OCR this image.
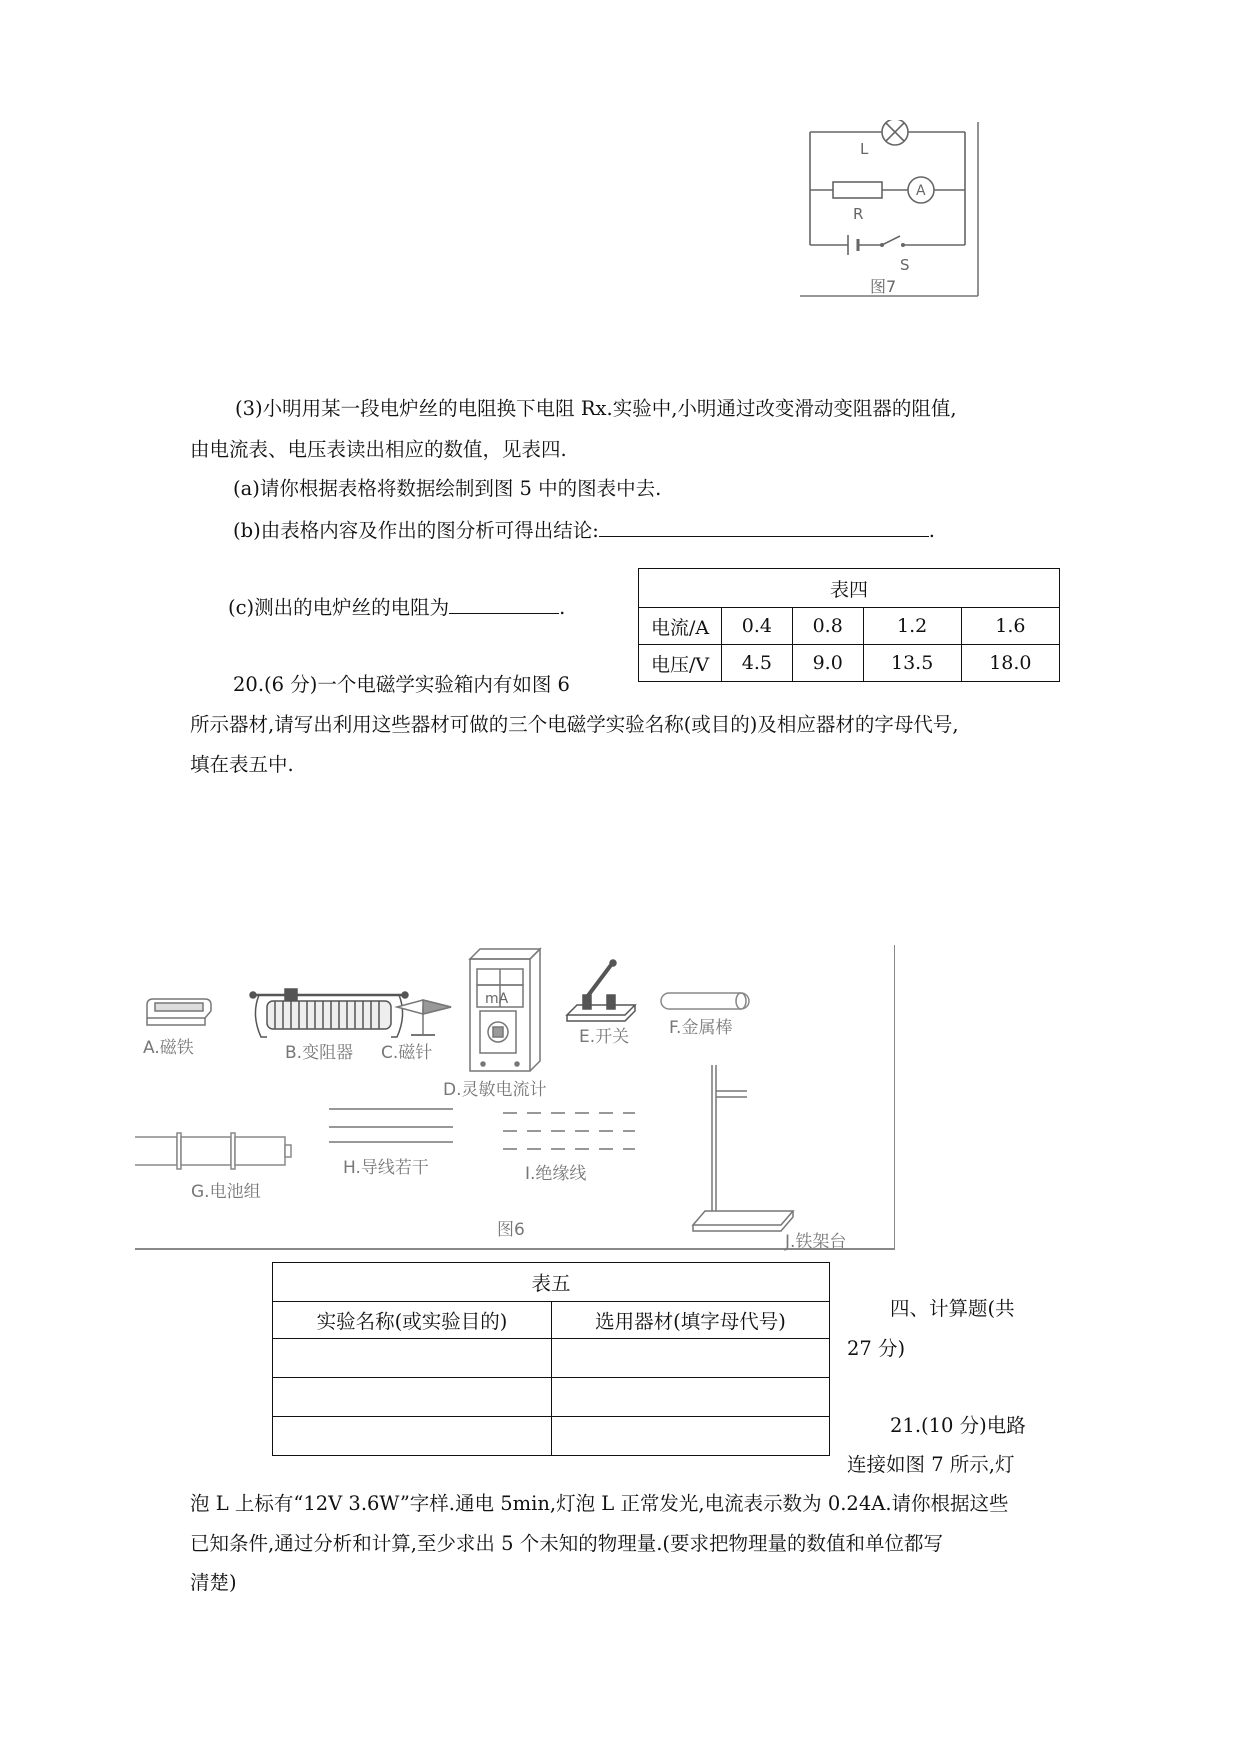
L
A
R
S
图7
(3)小明用某一段电炉丝的电阻换下电阻 Rx.实验中,小明通过改变滑动变阻器的阻值,
由电流表、电压表读出相应的数值，见表四.
(a)请你根据表格将数据绘制到图 5 中的图表中去.
(b)由表格内容及作出的图分析可得出结论:	.
(c)测出的电炉丝的电阻为	.
表四				
电流/A	0.4	0.8	1.2	1.6
电压/V	4.5	9.0	13.5	18.0
20.(6 分)一个电磁学实验箱内有如图 6
所示器材,请写出利用这些器材可做的三个电磁学实验名称(或目的)及相应器材的字母代号,
填在表五中.
mA
A.磁铁	B.变阻器 C.磁针
D.灵敏电流计
E.开关 F.金属棒
G.电池组
H.导线若干	I.绝缘线
图6
J.铁架台
表五	
实验名称(或实验目的)	选用器材(填字母代号)

四、计算题(共
27 分)
21.(10 分)电路
连接如图 7 所示,灯
泡 L 上标有“12V 3.6W”字样.通电 5min,灯泡 L 正常发光,电流表示数为 0.24A.请你根据这些
已知条件,通过分析和计算,至少求出 5 个未知的物理量.(要求把物理量的数值和单位都写
清楚)
